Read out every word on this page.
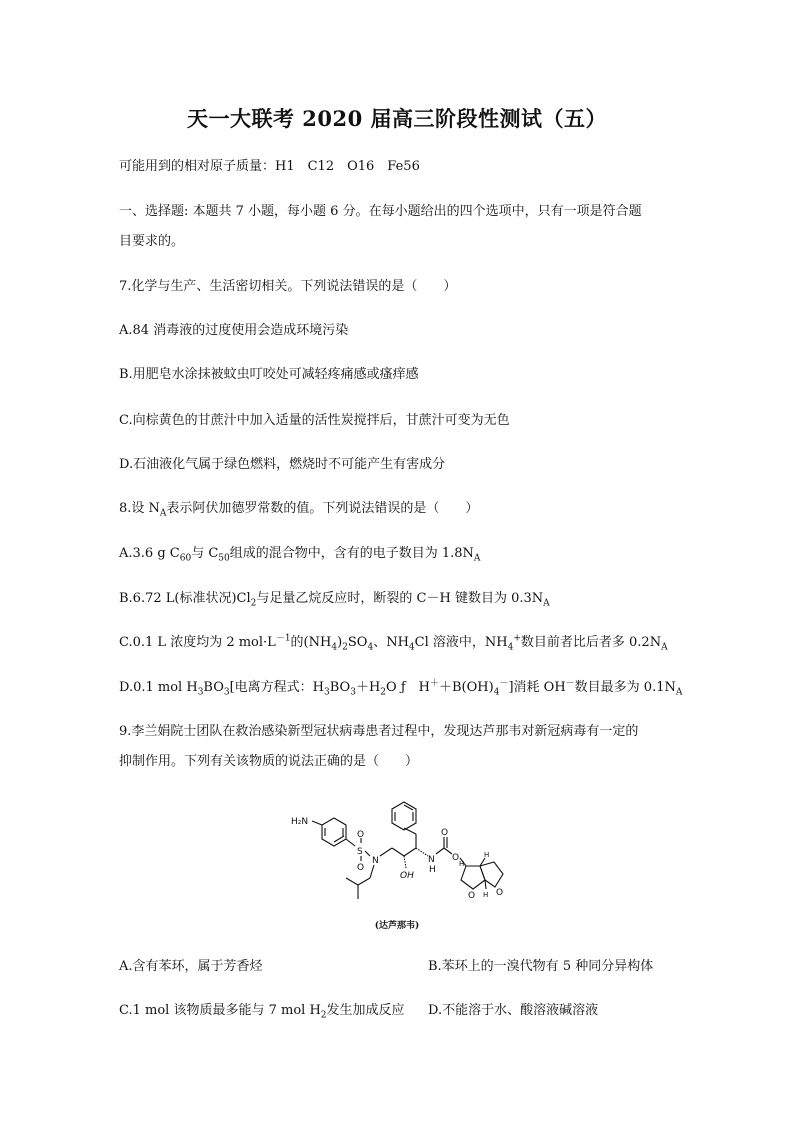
天一大联考 2020 届高三阶段性测试（五）
可能用到的相对原子质量：H1　C12　O16　Fe56
一、选择题: 本题共 7 小题，每小题 6 分。在每小题给出的四个选项中，只有一项是符合题
目要求的。
7.化学与生产、生活密切相关。下列说法错误的是（　　）
A.84 消毒液的过度使用会造成环境污染
B.用肥皂水涂抹被蚊虫叮咬处可减轻疼痛感或瘙痒感
C.向棕黄色的甘蔗汁中加入适量的活性炭搅拌后，甘蔗汁可变为无色
D.石油液化气属于绿色燃料，燃烧时不可能产生有害成分
8.设 $N_A$表示阿伏加德罗常数的值。下列说法错误的是（　　）
A.3.6 g $C_{60}$与 $C_{50}$组成的混合物中，含有的电子数目为 $1.8N_A$
B.6.72 L(标准状况)$Cl_2$与足量乙烷反应时，断裂的 C－H 键数目为 $0.3N_A$
C.0.1 L 浓度均为 2 $mol\cdot L^{-1}$的$(NH_4)_2SO_4$、$NH_4Cl$ 溶液中，$NH_4^+$数目前者比后者多 $0.2N_A$
D.0.1 mol $H_3BO_3$[电离方程式：$H_3BO_3+H_2O$ ƒ　$H^++B(OH)_4^-$]消耗 OH－数目最多为 $0.1N_A$
9.李兰娟院士团队在救治感染新型冠状病毒患者过程中，发现达芦那韦对新冠病毒有一定的
抑制作用。下列有关该物质的说法正确的是（　　）
H₂N
S
O
O
N
OH
N
H
O
O
O O
H
H
H
(达芦那韦)
A.含有苯环，属于芳香烃	B.苯环上的一溴代物有 5 种同分异构体
C.1 mol 该物质最多能与 7 mol $H_2$发生加成反应	D.不能溶于水、酸溶液碱溶液
